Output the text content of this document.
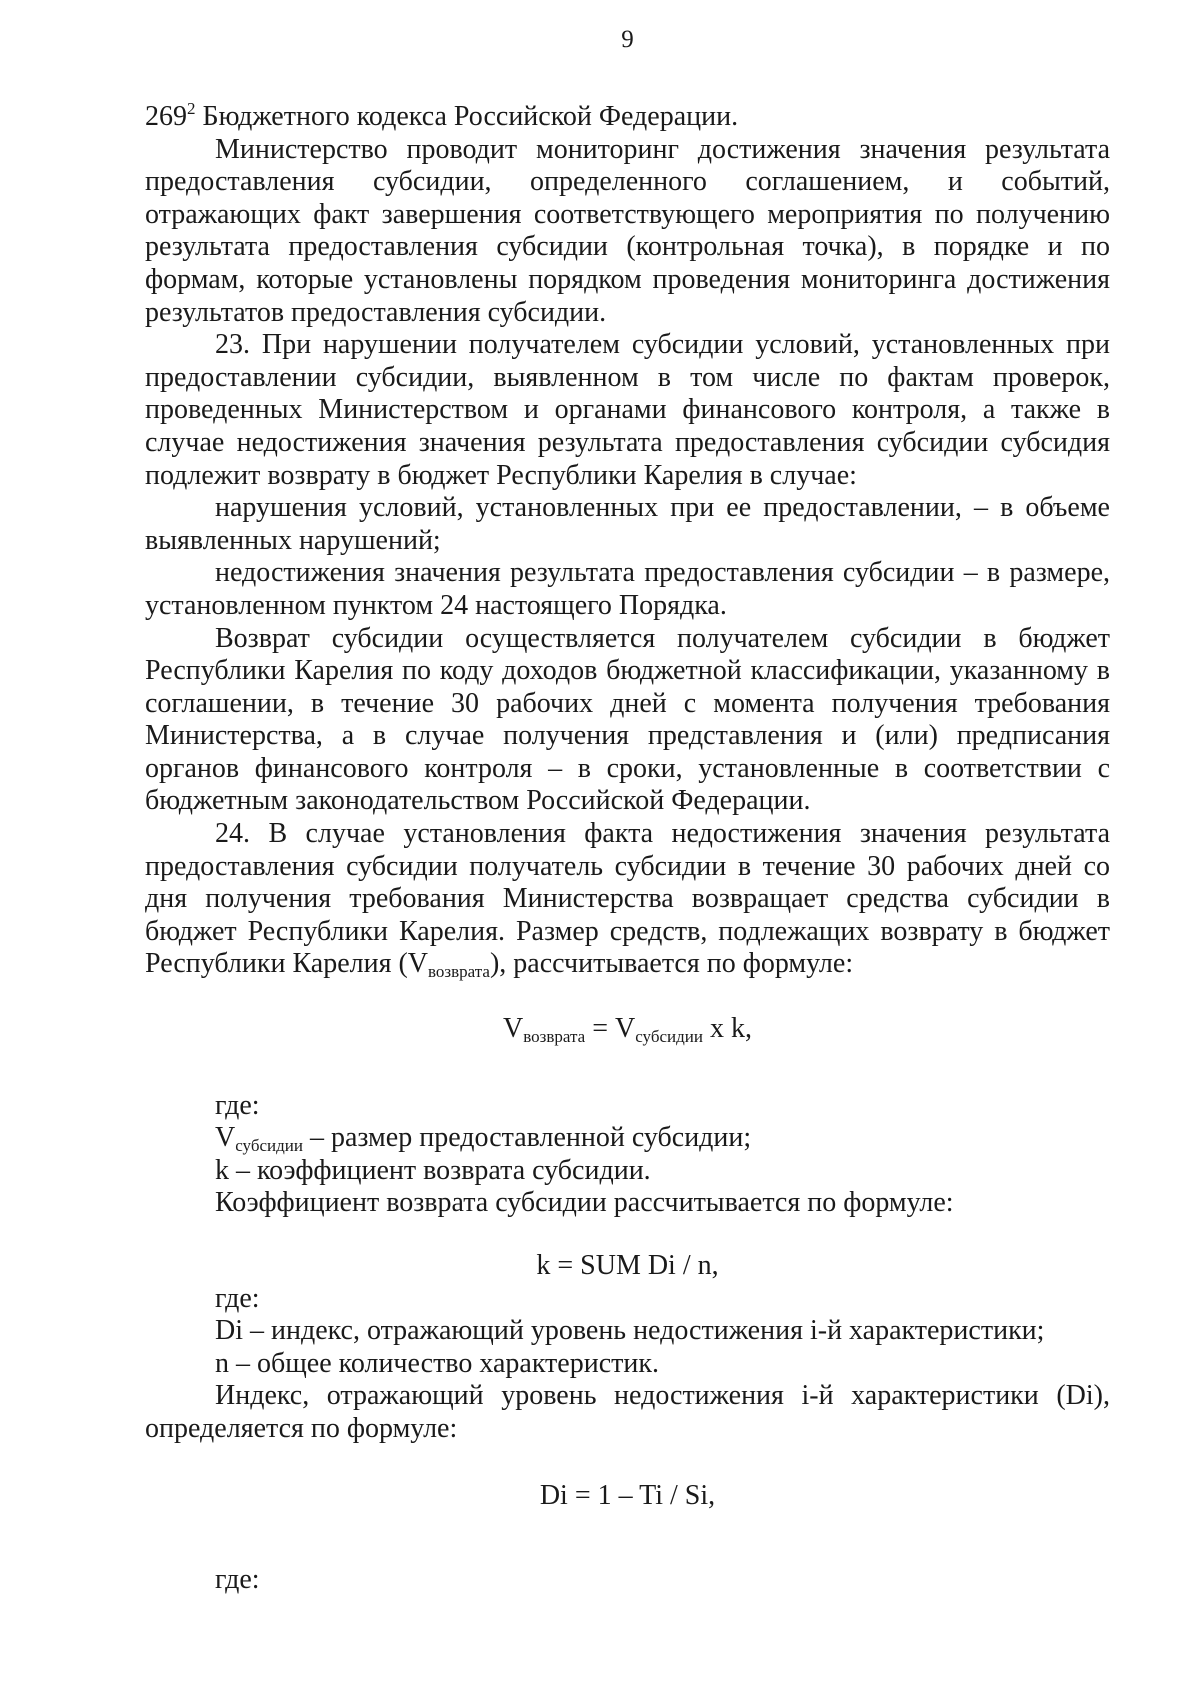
9

$269^2$ Бюджетного кодекса Российской Федерации.

Министерство проводит мониторинг достижения значения результата предоставления субсидии, определенного соглашением, и событий, отражающих факт завершения соответствующего мероприятия по получению результата предоставления субсидии (контрольная точка), в порядке и по формам, которые установлены порядком проведения мониторинга достижения результатов предоставления субсидии.

23. При нарушении получателем субсидии условий, установленных при предоставлении субсидии, выявленном в том числе по фактам проверок, проведенных Министерством и органами финансового контроля, а также в случае недостижения значения результата предоставления субсидии субсидия подлежит возврату в бюджет Республики Карелия в случае:

нарушения условий, установленных при ее предоставлении, – в объеме выявленных нарушений;

недостижения значения результата предоставления субсидии – в размере, установленном пунктом 24 настоящего Порядка.

Возврат субсидии осуществляется получателем субсидии в бюджет Республики Карелия по коду доходов бюджетной классификации, указанному в соглашении, в течение 30 рабочих дней с момента получения требования Министерства, а в случае получения представления и (или) предписания органов финансового контроля – в сроки, установленные в соответствии с бюджетным законодательством Российской Федерации.

24. В случае установления факта недостижения значения результата предоставления субсидии получатель субсидии в течение 30 рабочих дней со дня получения требования Министерства возвращает средства субсидии в бюджет Республики Карелия. Размер средств, подлежащих возврату в бюджет Республики Карелия $(V_{возврата})$, рассчитывается по формуле:

$V_{возврата} = V_{субсидии}$ x k,

где:

$V_{субсидии}$ – размер предоставленной субсидии;

k – коэффициент возврата субсидии.

Коэффициент возврата субсидии рассчитывается по формуле:

k = SUM Di / n,

где:

Di – индекс, отражающий уровень недостижения i-й характеристики;

n – общее количество характеристик.

Индекс, отражающий уровень недостижения i-й характеристики (Di), определяется по формуле:

Di = 1 – Ti / Si,

где:
